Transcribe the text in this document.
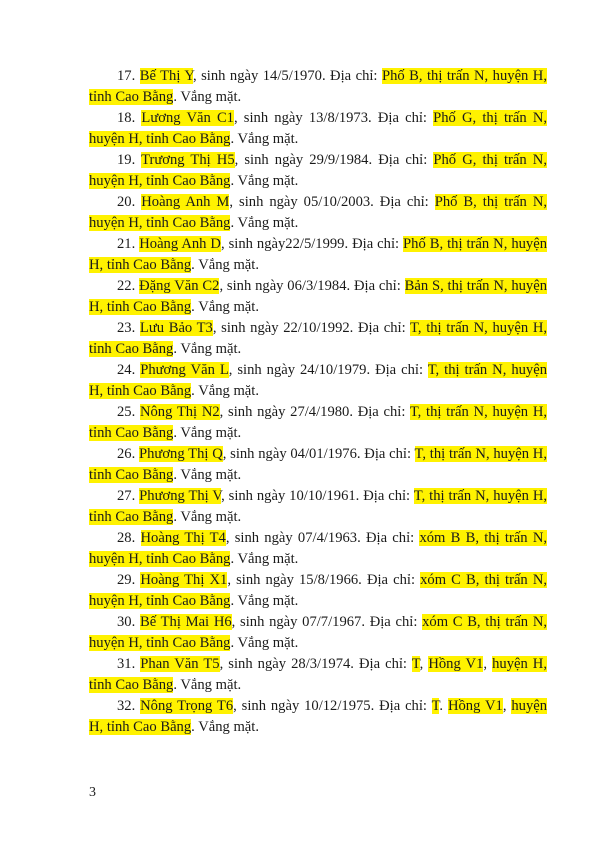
17. Bế Thị Y, sinh ngày 14/5/1970. Địa chỉ: Phố B, thị trấn N, huyện H, tỉnh Cao Bằng. Vắng mặt.

18. Lương Văn C1, sinh ngày 13/8/1973. Địa chỉ: Phố G, thị trấn N, huyện H, tỉnh Cao Bằng. Vắng mặt.

19. Trương Thị H5, sinh ngày 29/9/1984. Địa chỉ: Phố G, thị trấn N, huyện H, tỉnh Cao Bằng. Vắng mặt.

20. Hoàng Anh M, sinh ngày 05/10/2003. Địa chỉ: Phố B, thị trấn N, huyện H, tỉnh Cao Bằng. Vắng mặt.

21. Hoàng Anh D, sinh ngày22/5/1999. Địa chỉ: Phố B, thị trấn N, huyện H, tỉnh Cao Bằng. Vắng mặt.

22. Đặng Văn C2, sinh ngày 06/3/1984. Địa chỉ: Bản S, thị trấn N, huyện H, tỉnh Cao Bằng. Vắng mặt.

23. Lưu Bảo T3, sinh ngày 22/10/1992. Địa chỉ: T, thị trấn N, huyện H, tỉnh Cao Bằng. Vắng mặt.

24. Phương Văn L, sinh ngày 24/10/1979. Địa chỉ: T, thị trấn N, huyện H, tỉnh Cao Bằng. Vắng mặt.

25. Nông Thị N2, sinh ngày 27/4/1980. Địa chỉ: T, thị trấn N, huyện H, tỉnh Cao Bằng. Vắng mặt.

26. Phương Thị Q, sinh ngày 04/01/1976. Địa chỉ: T, thị trấn N, huyện H, tỉnh Cao Bằng. Vắng mặt.

27. Phương Thị V, sinh ngày 10/10/1961. Địa chỉ: T, thị trấn N, huyện H, tỉnh Cao Bằng. Vắng mặt.

28. Hoàng Thị T4, sinh ngày 07/4/1963. Địa chỉ: xóm B B, thị trấn N, huyện H, tỉnh Cao Bằng. Vắng mặt.

29. Hoàng Thị X1, sinh ngày 15/8/1966. Địa chỉ: xóm C B, thị trấn N, huyện H, tỉnh Cao Bằng. Vắng mặt.

30. Bế Thị Mai H6, sinh ngày 07/7/1967. Địa chỉ: xóm C B, thị trấn N, huyện H, tỉnh Cao Bằng. Vắng mặt.

31. Phan Văn T5, sinh ngày 28/3/1974. Địa chỉ: T, Hồng V1, huyện H, tỉnh Cao Bằng. Vắng mặt.

32. Nông Trọng T6, sinh ngày 10/12/1975. Địa chỉ: T. Hồng V1, huyện H, tỉnh Cao Bằng. Vắng mặt.

3
